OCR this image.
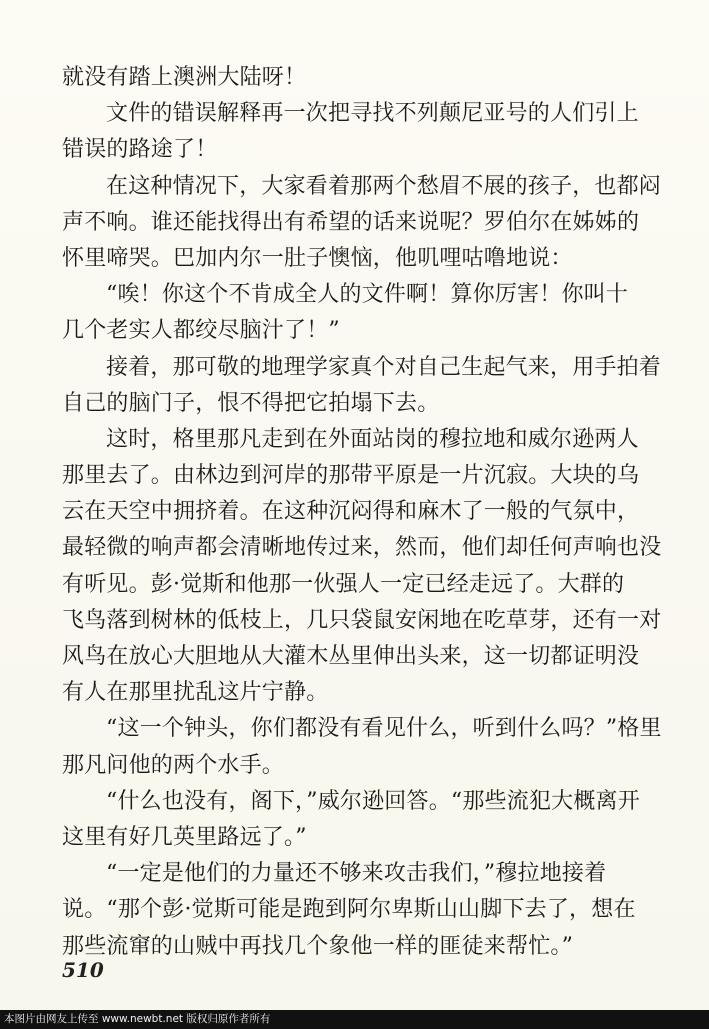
就没有踏上澳洲大陆呀！
文件的错误解释再一次把寻找不列颠尼亚号的人们引上
错误的路途了！
在这种情况下，大家看着那两个愁眉不展的孩子，也都闷
声不响。谁还能找得出有希望的话来说呢？罗伯尔在姊姊的
怀里啼哭。巴加内尔一肚子懊恼，他叽哩咕噜地说：
“唉！你这个不肯成全人的文件啊！算你厉害！你叫十
几个老实人都绞尽脑汁了！”
接着，那可敬的地理学家真个对自己生起气来，用手拍着
自己的脑门子，恨不得把它拍塌下去。
这时，格里那凡走到在外面站岗的穆拉地和威尔逊两人
那里去了。由林边到河岸的那带平原是一片沉寂。大块的乌
云在天空中拥挤着。在这种沉闷得和麻木了一般的气氛中，
最轻微的响声都会清晰地传过来，然而，他们却任何声响也没
有听见。彭·觉斯和他那一伙强人一定已经走远了。大群的
飞鸟落到树林的低枝上，几只袋鼠安闲地在吃草芽，还有一对
风鸟在放心大胆地从大灌木丛里伸出头来，这一切都证明没
有人在那里扰乱这片宁静。
“这一个钟头，你们都没有看见什么，听到什么吗？”格里
那凡问他的两个水手。
“什么也没有，阁下，”威尔逊回答。“那些流犯大概离开
这里有好几英里路远了。”
“一定是他们的力量还不够来攻击我们，”穆拉地接着
说。“那个彭·觉斯可能是跑到阿尔卑斯山山脚下去了，想在
那些流窜的山贼中再找几个象他一样的匪徒来帮忙。”
510
本图片由网友上传至 www.newbt.net 版权归原作者所有
